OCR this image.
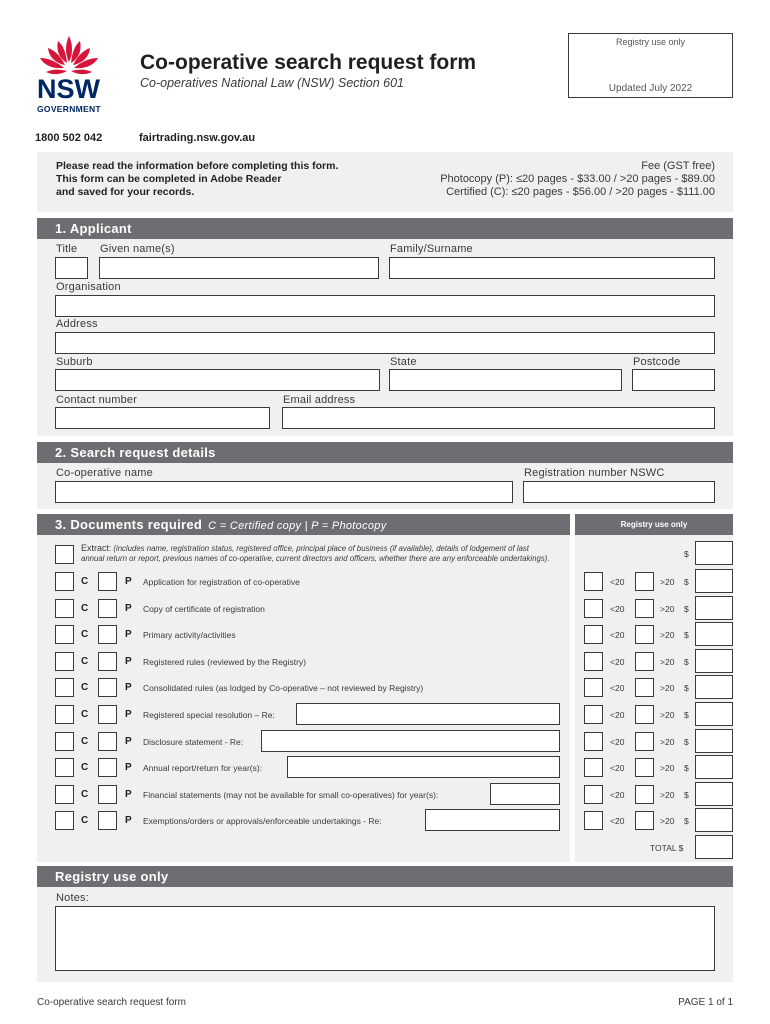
NSW
GOVERNMENT
Co-operative search request form
Co-operatives National Law (NSW) Section 601
Registry use only
Updated July 2022
1800 502 042	fairtrading.nsw.gov.au
Please read the information before completing this form.
This form can be completed in Adobe Reader
and saved for your records.
Fee (GST free)
Photocopy (P): ≤20 pages - $33.00 / >20 pages - $89.00
Certified (C): ≤20 pages - $56.00 / >20 pages - $111.00
1. Applicant
Title Given name(s)	Family/Surname
Organisation
Address
Suburb	State	Postcode
Contact number	Email address
2. Search request details
Co-operative name	Registration number NSWC
3. Documents required C = Certified copy | P = Photocopy	Registry use only
Extract: (includes name, registration status, registered office, principal place of business (if available), details of lodgement of last annual return or report, previous names of co-operative, current directors and officers, whether there are any enforceable undertakings).	$
C	P Application for registration of co-operative	<20	>20 $
C	P Copy of certificate of registration	<20	>20 $
C	P Primary activity/activities	<20	>20 $
C	P Registered rules (reviewed by the Registry)	<20	>20 $
C	P Consolidated rules (as lodged by Co-operative – not reviewed by Registry)	<20	>20 $
C	P Registered special resolution – Re:	<20	>20 $
C	P Disclosure statement - Re:	<20	>20 $
C	P Annual report/return for year(s):	<20	>20 $
C	P Financial statements (may not be available for small co-operatives) for year(s):	<20	>20 $
C	P Exemptions/orders or approvals/enforceable undertakings - Re:	<20	>20 $
TOTAL $
Registry use only
Notes:
Co-operative search request form	PAGE 1 of 1
